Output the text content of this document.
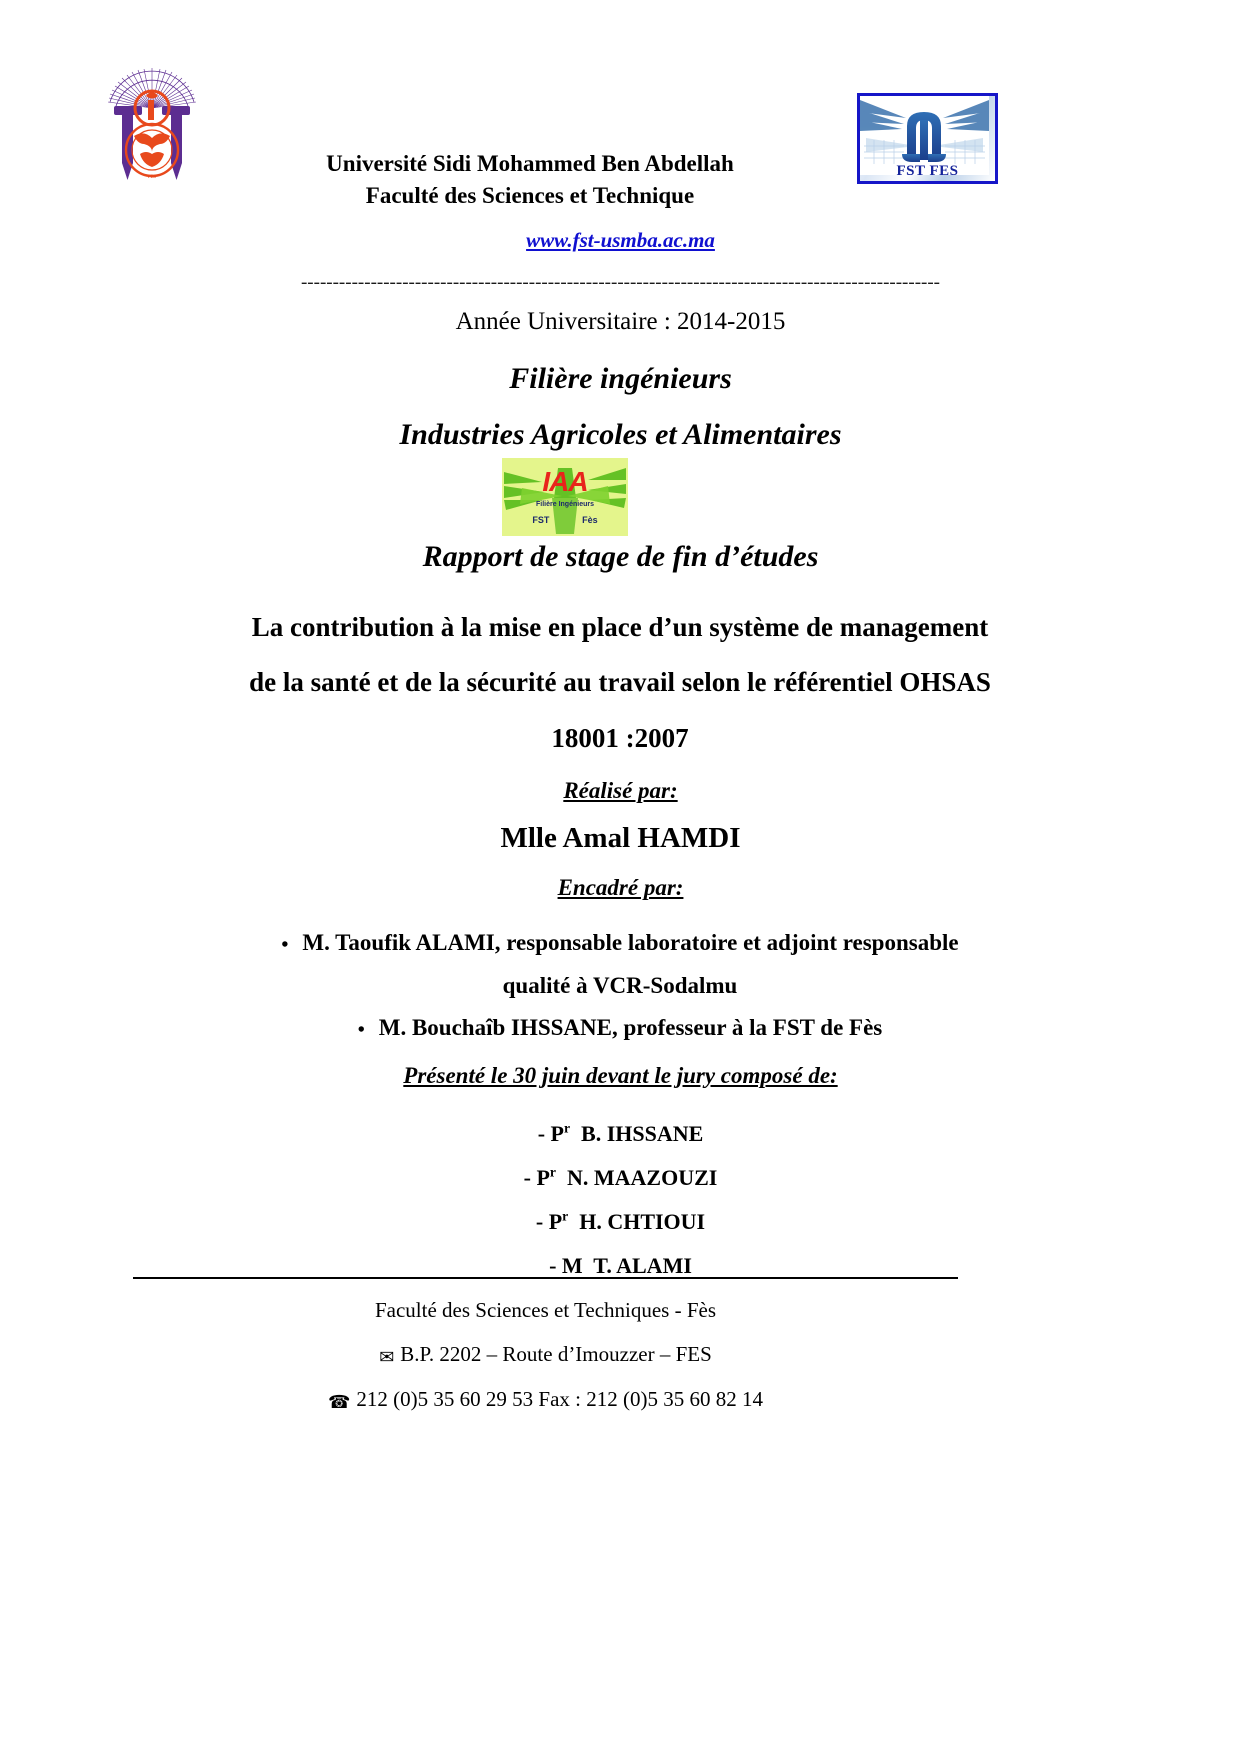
FES	FST FES
Université Sidi Mohammed Ben Abdellah
Faculté des Sciences et Technique
www.fst-usmba.ac.ma
-----------------------------------------------------------------------------------------------------
Année Universitaire : 2014-2015
Filière ingénieurs
Industries Agricoles et Alimentaires
IAA
Filière Ingénieurs
FST	Fès
Rapport de stage de fin d’études
La contribution à la mise en place d’un système de management
de la santé et de la sécurité au travail selon le référentiel OHSAS
18001 :2007
Réalisé par:
Mlle Amal HAMDI
Encadré par:
• M. Taoufik ALAMI, responsable laboratoire et adjoint responsable
qualité à VCR-Sodalmu
• M. Bouchaîb IHSSANE, professeur à la FST de Fès
Présenté le 30 juin devant le jury composé de:
- $P^r$ B. IHSSANE
- $P^r$ N. MAAZOUZI
- $P^r$ H. CHTIOUI
- M T. ALAMI
Faculté des Sciences et Techniques - Fès
✉ B.P. 2202 – Route d’Imouzzer – FES
☎ 212 (0)5 35 60 29 53 Fax : 212 (0)5 35 60 82 14
